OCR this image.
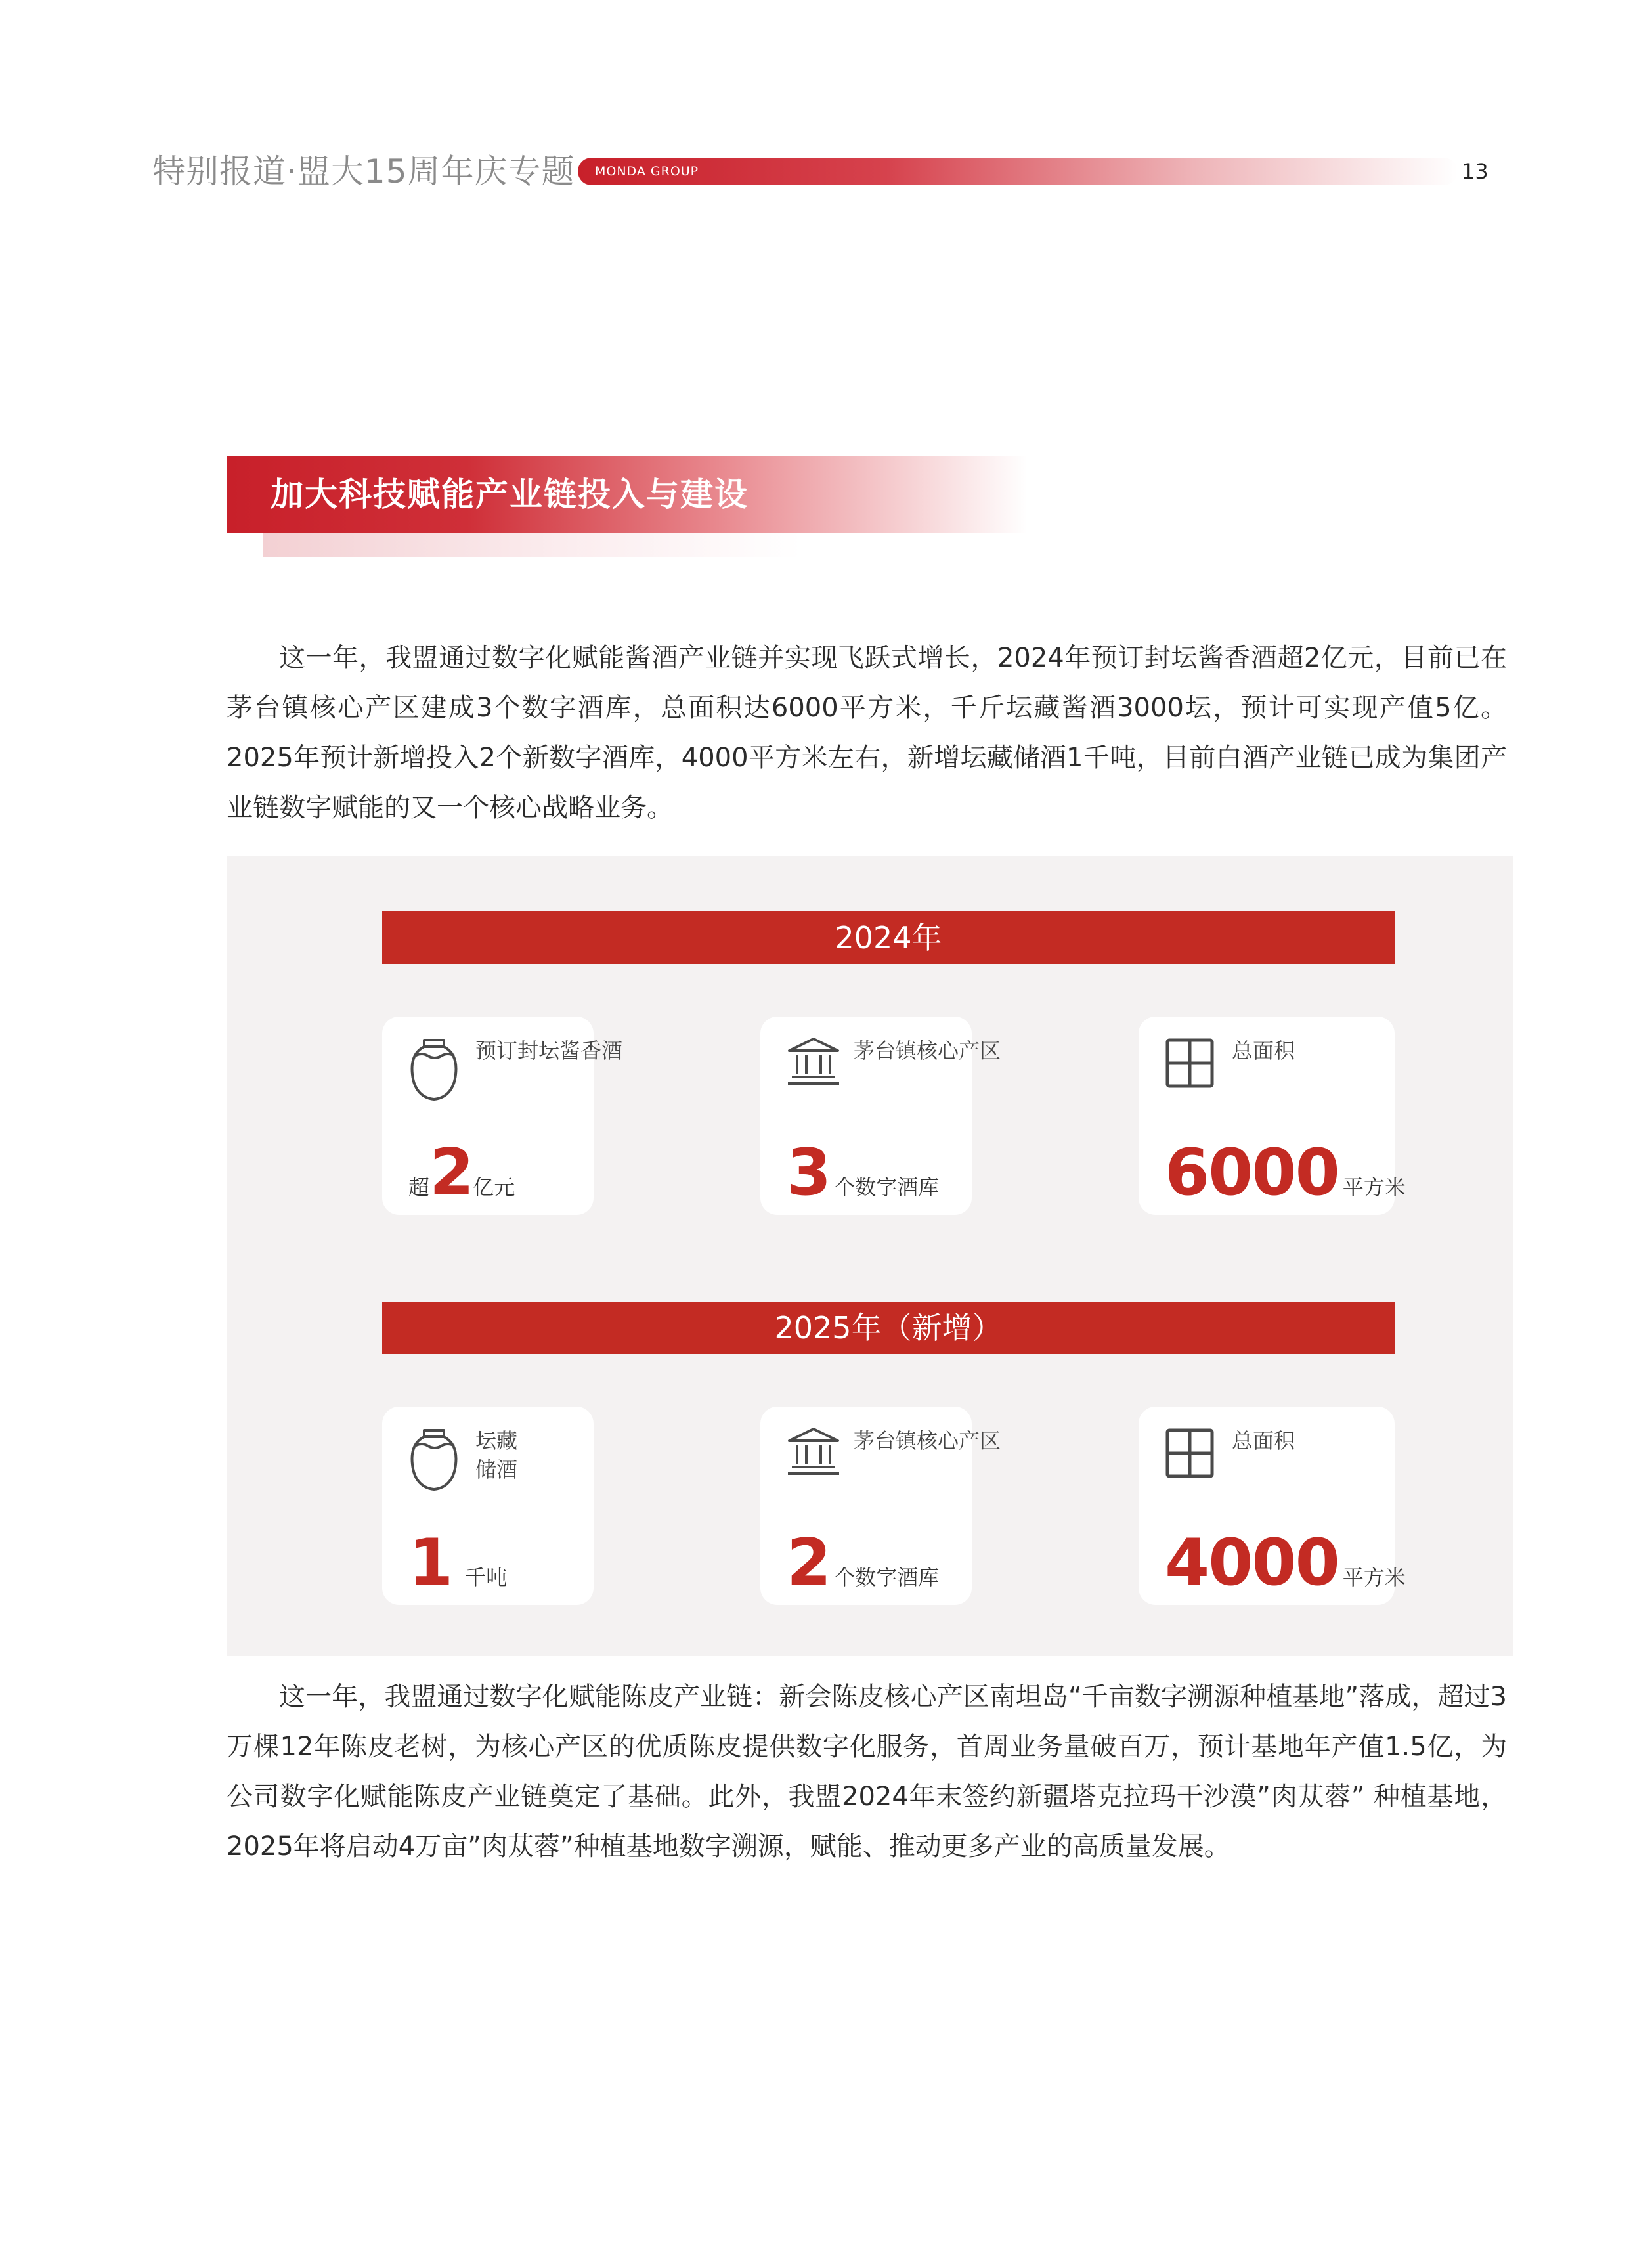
特别报道·盟大15周年庆专题 MONDA GROUP	13
加大科技赋能产业链投入与建设

这一年，我盟通过数字化赋能酱酒产业链并实现飞跃式增长，2024年预订封坛酱香酒超2亿元，目前已在茅台镇核心产区建成3个数字酒库，总面积达6000平方米，千斤坛藏酱酒3000坛，预计可实现产值5亿。2025年预计新增投入2个新数字酒库，4000平方米左右，新增坛藏储酒1千吨，目前白酒产业链已成为集团产业链数字赋能的又一个核心战略业务。

2024年
预订封坛酱香酒
超2亿元
茅台镇核心产区
3 个数字酒库
总面积
6000 平方米
2025年（新增）
坛藏储酒
1 千吨
茅台镇核心产区
2 个数字酒库
总面积
4000 平方米

这一年，我盟通过数字化赋能陈皮产业链：新会陈皮核心产区南坦岛“千亩数字溯源种植基地”落成，超过3万棵12年陈皮老树，为核心产区的优质陈皮提供数字化服务，首周业务量破百万，预计基地年产值1.5亿，为公司数字化赋能陈皮产业链奠定了基础。此外，我盟2024年末签约新疆塔克拉玛干沙漠”肉苁蓉” 种植基地，2025年将启动4万亩”肉苁蓉”种植基地数字溯源，赋能、推动更多产业的高质量发展。
